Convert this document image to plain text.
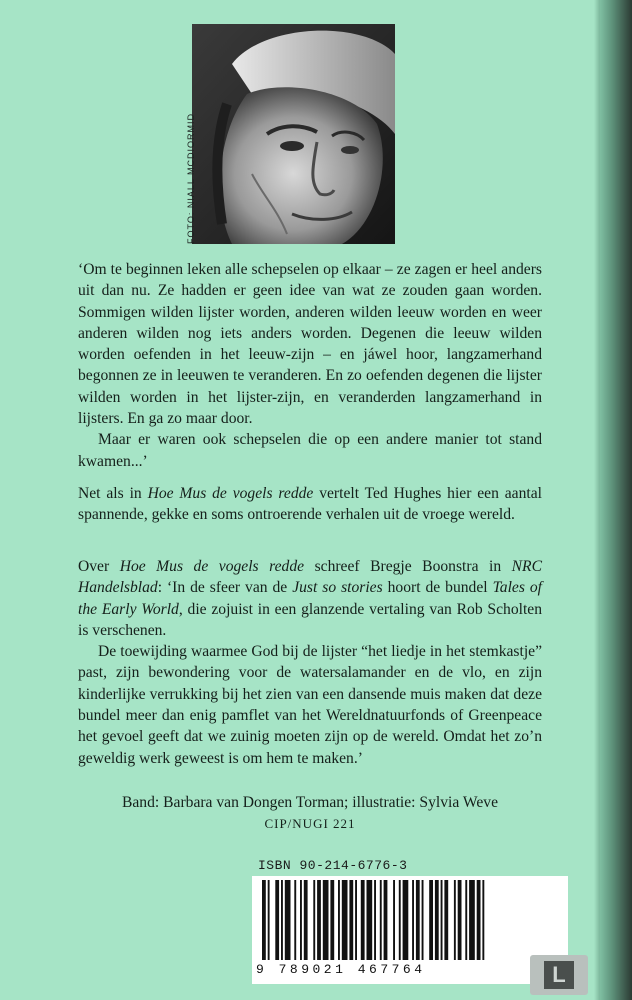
FOTO: NIALL MCDIORMID

‘Om te beginnen leken alle schepselen op elkaar – ze zagen er heel anders uit dan nu. Ze hadden er geen idee van wat ze zouden gaan worden. Sommigen wilden lijster worden, anderen wilden leeuw worden en weer anderen wilden nog iets anders worden. Degenen die leeuw wilden worden oefenden in het leeuw-zijn – en jáwel hoor, langzamerhand begonnen ze in leeuwen te veranderen. En zo oefenden degenen die lijster wilden worden in het lijster-zijn, en veranderden langzamerhand in lijsters. En ga zo maar door.

Maar er waren ook schepselen die op een andere manier tot stand kwamen...’

Net als in Hoe Mus de vogels redde vertelt Ted Hughes hier een aantal spannende, gekke en soms ontroerende verhalen uit de vroege wereld.

Over Hoe Mus de vogels redde schreef Bregje Boonstra in NRC Handelsblad: ‘In de sfeer van de Just so stories hoort de bundel Tales of the Early World, die zojuist in een glanzende vertaling van Rob Scholten is verschenen.

De toewijding waarmee God bij de lijster “het liedje in het stemkastje” past, zijn bewondering voor de watersalamander en de vlo, en zijn kinderlijke verrukking bij het zien van een dansende muis maken dat deze bundel meer dan enig pamflet van het Wereldnatuurfonds of Greenpeace het gevoel geeft dat we zuinig moeten zijn op de wereld. Omdat het zo’n geweldig werk geweest is om hem te maken.’

Band: Barbara van Dongen Torman; illustratie: Sylvia Weve
CIP/NUGI 221
ISBN 90-214-6776-3
9 789021 467764	L
